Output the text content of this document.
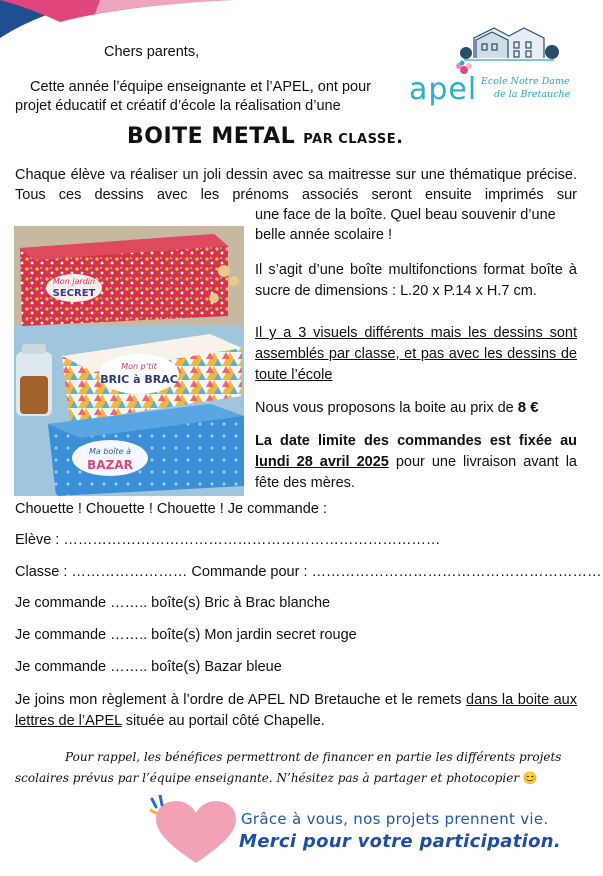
Chers parents,
Cette année l’équipe enseignante et l’APEL, ont pour
projet éducatif et créatif d’école la réalisation d’une apel Ecole Notre Dame
de la Bretauche
BOITE METAL PAR CLASSE.
Chaque élève va réaliser un joli dessin avec sa maitresse sur une thématique précise. Tous ces dessins avec les prénoms associés seront ensuite imprimés sur
une face de la boîte. Quel beau souvenir d’une belle année scolaire !
Mon jardin
SECRET
Mon p’tit
BRIC à BRAC
Ma boîte à
BAZAR

Il s’agit d’une boîte multifonctions format boîte à sucre de dimensions : L.20 x P.14 x H.7 cm.

Il y a 3 visuels différents mais les dessins sont assemblés par classe, et pas avec les dessins de toute l’école

Nous vous proposons la boite au prix de 8 €

La date limite des commandes est fixée au lundi 28 avril 2025 pour une livraison avant la fête des mères.

Chouette ! Chouette ! Chouette ! Je commande :
Elève : ……………………………………………………………………
Classe : …………………… Commande pour : ……………………………………………………
Je commande …….. boîte(s) Bric à Brac blanche
Je commande …….. boîte(s) Mon jardin secret rouge
Je commande …….. boîte(s) Bazar bleue
Je joins mon règlement à l’ordre de APEL ND Bretauche et le remets dans la boite aux lettres de l’APEL située au portail côté Chapelle.
Pour rappel, les bénéfices permettront de financer en partie les différents projets scolaires prévus par l’équipe enseignante. N’hésitez pas à partager et photocopier 😊
Grâce à vous, nos projets prennent vie.
Merci pour votre participation.
